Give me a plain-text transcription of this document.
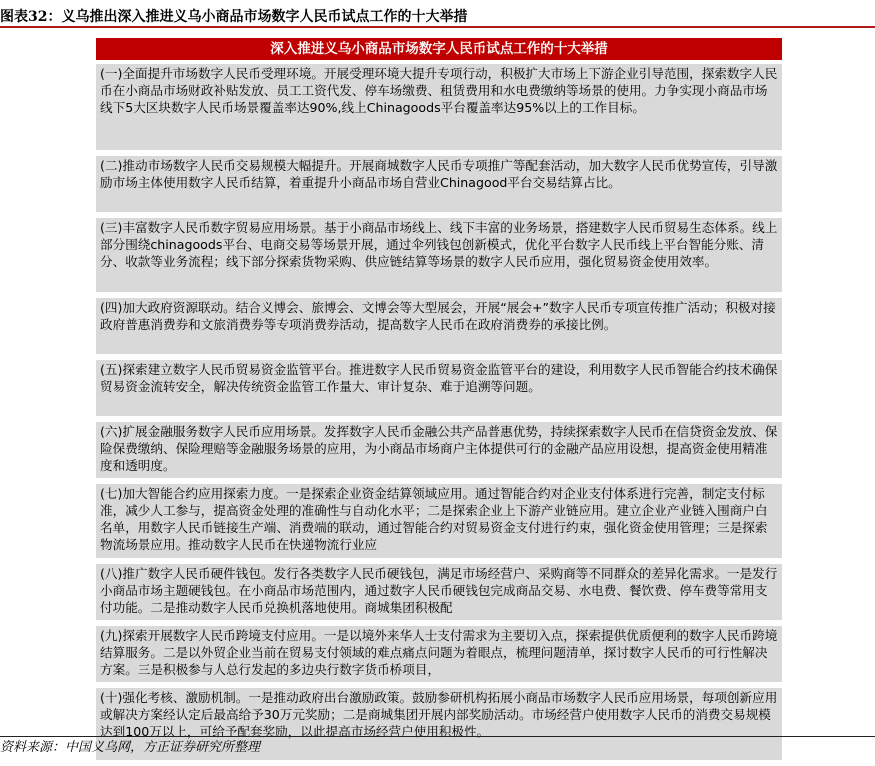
图表32：义乌推出深入推进义乌小商品市场数字人民币试点工作的十大举措
深入推进义乌小商品市场数字人民币试点工作的十大举措
(一)全面提升市场数字人民币受理环境。开展受理环境大提升专项行动，积极扩大市场上下游企业引导范围，探索数字人民币在小商品市场财政补贴发放、员工工资代发、停车场缴费、租赁费用和水电费缴纳等场景的使用。力争实现小商品市场线下5大区块数字人民币场景覆盖率达90%,线上Chinagoods平台覆盖率达95%以上的工作目标。
(二)推动市场数字人民币交易规模大幅提升。开展商城数字人民币专项推广等配套活动，加大数字人民币优势宣传，引导激励市场主体使用数字人民币结算，着重提升小商品市场自营业Chinagood平台交易结算占比。
(三)丰富数字人民币数字贸易应用场景。基于小商品市场线上、线下丰富的业务场景，搭建数字人民币贸易生态体系。线上部分围绕chinagoods平台、电商交易等场景开展，通过伞列钱包创新模式，优化平台数字人民币线上平台智能分账、清分、收款等业务流程；线下部分探索货物采购、供应链结算等场景的数字人民币应用，强化贸易资金使用效率。
(四)加大政府资源联动。结合义博会、旅博会、文博会等大型展会，开展“展会+”数字人民币专项宣传推广活动；积极对接政府普惠消费券和文旅消费券等专项消费券活动，提高数字人民币在政府消费券的承接比例。
(五)探索建立数字人民币贸易资金监管平台。推进数字人民币贸易资金监管平台的建设，利用数字人民币智能合约技术确保贸易资金流转安全，解决传统资金监管工作量大、审计复杂、难于追溯等问题。
(六)扩展金融服务数字人民币应用场景。发挥数字人民币金融公共产品普惠优势，持续探索数字人民币在信贷资金发放、保险保费缴纳、保险理赔等金融服务场景的应用，为小商品市场商户主体提供可行的金融产品应用设想，提高资金使用精准度和透明度。
(七)加大智能合约应用探索力度。一是探索企业资金结算领域应用。通过智能合约对企业支付体系进行完善，制定支付标准，减少人工参与，提高资金处理的准确性与自动化水平；二是探索企业上下游产业链应用。建立企业产业链入围商户白名单，用数字人民币链接生产端、消费端的联动，通过智能合约对贸易资金支付进行约束，强化资金使用管理；三是探索物流场景应用。推动数字人民币在快递物流行业应
(八)推广数字人民币硬件钱包。发行各类数字人民币硬钱包，满足市场经营户、采购商等不同群众的差异化需求。一是发行小商品市场主题硬钱包。在小商品市场范围内，通过数字人民币硬钱包完成商品交易、水电费、餐饮费、停车费等常用支付功能。二是推动数字人民币兑换机落地使用。商城集团积极配
(九)探索开展数字人民币跨境支付应用。一是以境外来华人士支付需求为主要切入点，探索提供优质便利的数字人民币跨境结算服务。二是以外贸企业当前在贸易支付领域的难点痛点问题为着眼点，梳理问题清单，探讨数字人民币的可行性解决方案。三是积极参与人总行发起的多边央行数字货币桥项目，
(十)强化考核、激励机制。一是推动政府出台激励政策。鼓励参研机构拓展小商品市场数字人民币应用场景，每项创新应用或解决方案经认定后最高给予30万元奖励；二是商城集团开展内部奖励活动。市场经营户使用数字人民币的消费交易规模达到100万以上，可给予配套奖励，以此提高市场经营户使用积极性。
资料来源：中国义乌网，方正证券研究所整理
